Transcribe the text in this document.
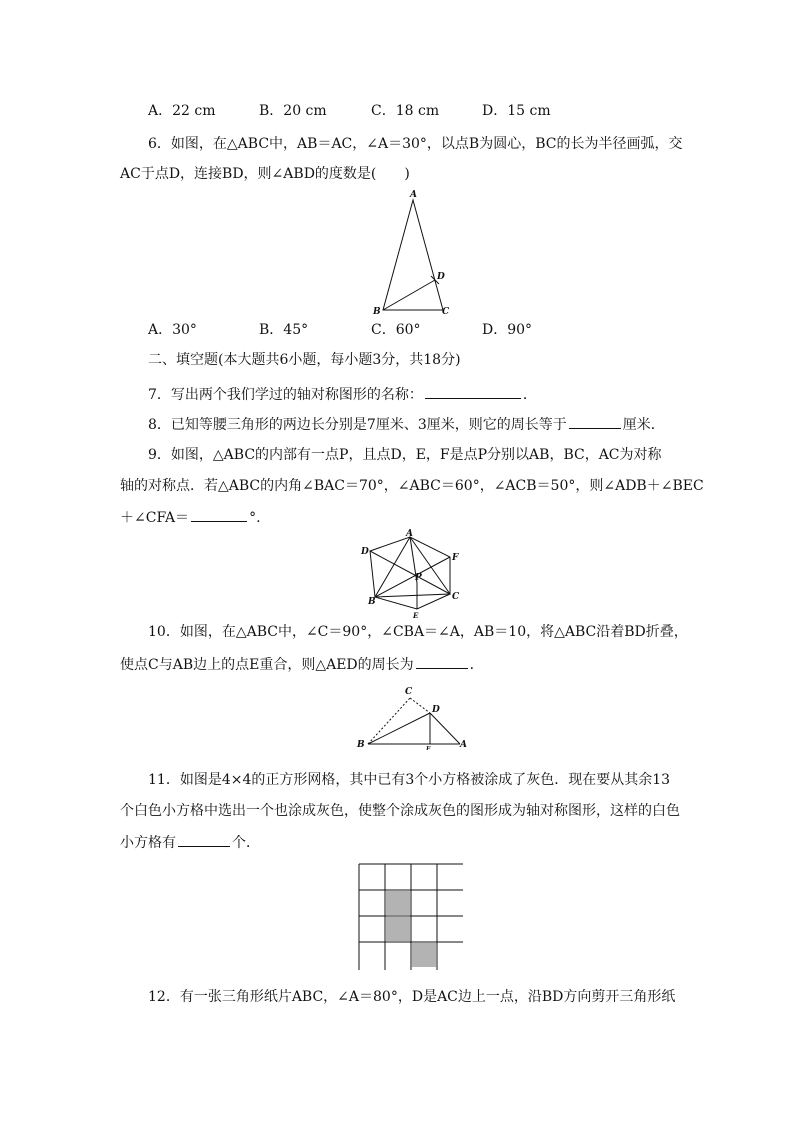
A．22 cm	B．20 cm	C．18 cm	D．15 cm
6．如图，在△ABC中，AB＝AC，∠A＝30°，以点B为圆心，BC的长为半径画弧，交
AC于点D，连接BD，则∠ABD的度数是(　　)
A
B	C
D
A．30°	B．45°	C．60°	D．90°
二、填空题(本大题共6小题，每小题3分，共18分)
7．写出两个我们学过的轴对称图形的名称：	．
8．已知等腰三角形的两边长分别是7厘米、3厘米，则它的周长等于	厘米．
9．如图，△ABC的内部有一点P，且点D，E，F是点P分别以AB，BC，AC为对称
轴的对称点．若△ABC的内角∠BAC＝70°，∠ABC＝60°，∠ACB＝50°，则∠ADB＋∠BEC
＋∠CFA＝	°.
A
D
F
P
B	C
E
10．如图，在△ABC中，∠C＝90°，∠CBA＝∠A，AB＝10，将△ABC沿着BD折叠，
使点C与AB边上的点E重合，则△AED的周长为	．
C
D
B	A
E
11．如图是4×4的正方形网格，其中已有3个小方格被涂成了灰色．现在要从其余13
个白色小方格中选出一个也涂成灰色，使整个涂成灰色的图形成为轴对称图形，这样的白色
小方格有	个．
12．有一张三角形纸片ABC，∠A＝80°，D是AC边上一点，沿BD方向剪开三角形纸
